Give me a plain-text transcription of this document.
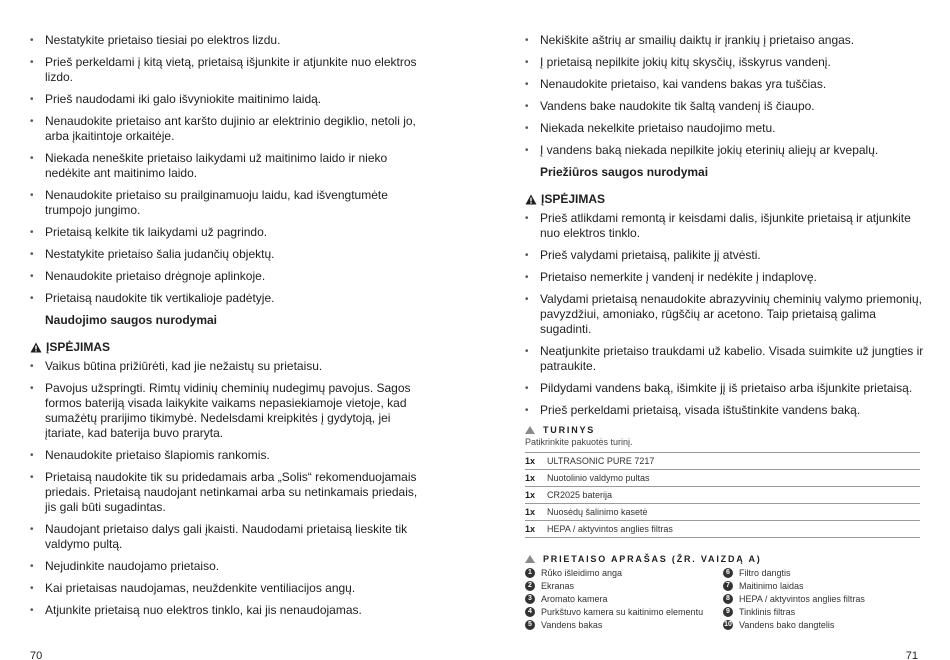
• Nestatykite prietaiso tiesiai po elektros lizdu.
• Prieš perkeldami į kitą vietą, prietaisą išjunkite ir atjunkite nuo elektros lizdo.
• Prieš naudodami iki galo išvyniokite maitinimo laidą.
• Nenaudokite prietaiso ant karšto dujinio ar elektrinio degiklio, netoli jo, arba įkaitintoje orkaitėje.
• Niekada neneškite prietaiso laikydami už maitinimo laido ir nieko nedėkite ant maitinimo laido.
• Nenaudokite prietaiso su prailginamuoju laidu, kad išvengtumėte trumpojo jungimo.
• Prietaisą kelkite tik laikydami už pagrindo.
• Nestatykite prietaiso šalia judančių objektų.
• Nenaudokite prietaiso drėgnoje aplinkoje.
• Prietaisą naudokite tik vertikalioje padėtyje.
Naudojimo saugos nurodymai
ĮSPĖJIMAS
• Vaikus būtina prižiūrėti, kad jie nežaistų su prietaisu.
• Pavojus užspringti. Rimtų vidinių cheminių nudegimų pavojus. Sagos formos bateriją visada laikykite vaikams nepasiekiamoje vietoje, kad sumažėtų prarijimo tikimybė. Nedelsdami kreipkitės į gydytoją, jei įtariate, kad baterija buvo praryta.
• Nenaudokite prietaiso šlapiomis rankomis.
• Prietaisą naudokite tik su pridedamais arba „Solis“ rekomenduojamais priedais. Prietaisą naudojant netinkamai arba su netinkamais priedais, jis gali būti sugadintas.
• Naudojant prietaiso dalys gali įkaisti. Naudodami prietaisą lieskite tik valdymo pultą.
• Nejudinkite naudojamo prietaiso.
• Kai prietaisas naudojamas, neuždenkite ventiliacijos angų.
• Atjunkite prietaisą nuo elektros tinklo, kai jis nenaudojamas.
• Nekiškite aštrių ar smailių daiktų ir įrankių į prietaiso angas.
• Į prietaisą nepilkite jokių kitų skysčių, išskyrus vandenį.
• Nenaudokite prietaiso, kai vandens bakas yra tuščias.
• Vandens bake naudokite tik šaltą vandenį iš čiaupo.
• Niekada nekelkite prietaiso naudojimo metu.
• Į vandens baką niekada nepilkite jokių eterinių aliejų ar kvepalų.
Priežiūros saugos nurodymai
ĮSPĖJIMAS
• Prieš atlikdami remontą ir keisdami dalis, išjunkite prietaisą ir atjunkite nuo elektros tinklo.
• Prieš valydami prietaisą, palikite jį atvėsti.
• Prietaiso nemerkite į vandenį ir nedėkite į indaplovę.
• Valydami prietaisą nenaudokite abrazyvinių cheminių valymo priemonių, pavyzdžiui, amoniako, rūgščių ar acetono. Taip prietaisą galima sugadinti.
• Neatjunkite prietaiso traukdami už kabelio. Visada suimkite už jungties ir patraukite.
• Pildydami vandens baką, išimkite jį iš prietaiso arba išjunkite prietaisą.
• Prieš perkeldami prietaisą, visada ištuštinkite vandens baką.
TURINYS
Patikrinkite pakuotės turinį.
1x	ULTRASONIC PURE 7217
1x	Nuotolinio valdymo pultas
1x	CR2025 baterija
1x	Nuosėdų šalinimo kasetė
1x	HEPA / aktyvintos anglies filtras
PRIETAISO APRAŠAS (ŽR. VAIZDĄ A)
1	Rūko išleidimo anga	6	Filtro dangtis
2	Ekranas	7	Maitinimo laidas
3	Aromato kamera	8	HEPA / aktyvintos anglies filtras
4	Purkštuvo kamera su kaitinimo elementu	9	Tinklinis filtras
5	Vandens bakas	10 Vandens bako dangtelis
70	71
